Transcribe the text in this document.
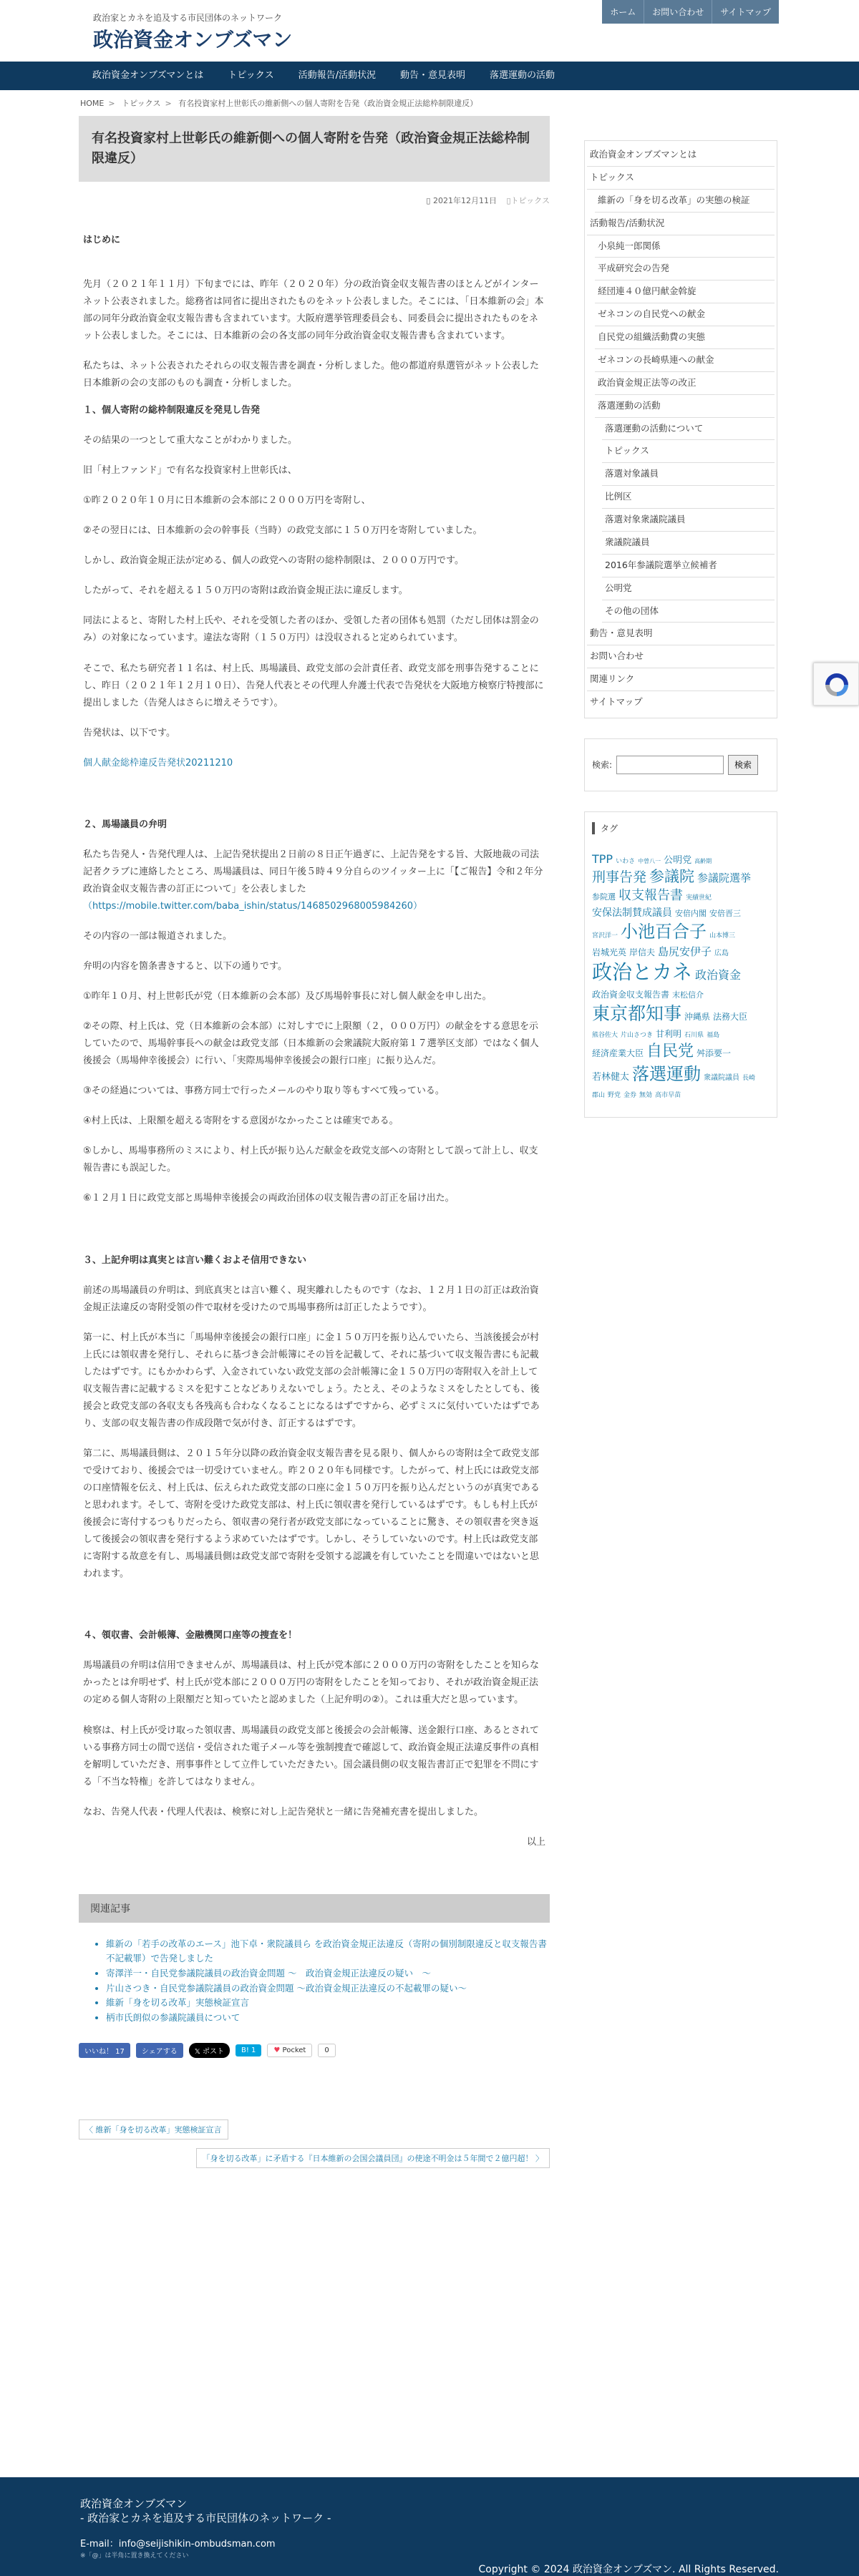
政治家とカネを追及する市民団体のネットワーク
政治資金オンブズマン
ホーム	お問い合わせ	サイトマップ
政治資金オンブズマンとは	トピックス	活動報告/活動状況	動告・意見表明	落選運動の活動
HOME > トピックス > 有名投資家村上世彰氏の維新側への個人寄附を告発（政治資金規正法総枠制限違反）
有名投資家村上世彰氏の維新側への個人寄附を告発（政治資金規正法総枠制限違反）
▯ 2021年12月11日 ▯トピックス
はじめに

先月（２０２１年１１月）下旬までには、昨年（２０２０年）分の政治資金収支報告書のほとんどがインターネット公表されました。総務省は同省に提出されたものをネット公表しました。そこには、「日本維新の会」本部の同年分政治資金収支報告書も含まれています。大阪府選挙管理委員会も、同委員会に提出されたものをネット公表しました。そこには、日本維新の会の各支部の同年分政治資金収支報告書も含まれています。

私たちは、ネット公表されたそれらの収支報告書を調査・分析しました。他の都道府県選管がネット公表した日本維新の会の支部のものも調査・分析しました。

１、個人寄附の総枠制限違反を発見し告発

その結果の一つとして重大なことがわかりました。

旧「村上ファンド」で有名な投資家村上世彰氏は、

①昨２０２０年１０月に日本維新の会本部に２０００万円を寄附し、

②その翌日には、日本維新の会の幹事長（当時）の政党支部に１５０万円を寄附していました。

しかし、政治資金規正法が定める、個人の政党への寄附の総枠制限は、２０００万円です。

したがって、それを超える１５０万円の寄附は政治資金規正法に違反します。

同法によると、寄附した村上氏や、それを受領した者のほか、受領した者の団体も処罰（ただし団体は罰金のみ）の対象になっています。違法な寄附（１５０万円）は没収されると定められています。

そこで、私たち研究者１１名は、村上氏、馬場議員、政党支部の会計責任者、政党支部を刑事告発することにし、昨日（２０２１年１２月１０日）、告発人代表とその代理人弁護士代表で告発状を大阪地方検察庁特捜部に提出しました（告発人はさらに増えそうです）。

告発状は、以下です。

個人献金総枠違反告発状20211210

２、馬場議員の弁明

私たち告発人・告発代理人は、上記告発状提出２日前の８日正午過ぎに、上記告発をする旨、大阪地裁の司法記者クラブに連絡したところ、馬場議員は、同日午後５時４９分自らのツイッター上に「【ご報告】令和２年分政治資金収支報告書の訂正について」を公表しました（https://mobile.twitter.com/baba_ishin/status/1468502968005984260）

その内容の一部は報道されました。

弁明の内容を箇条書きすると、以下の通りです。

①昨年１０月、村上世彰氏が党（日本維新の会本部）及び馬場幹事長に対し個人献金を申し出た。

②その際、村上氏は、党（日本維新の会本部）に対しすでに上限額（２，０００万円）の献金をする意思を示していたので、馬場幹事長への献金は政党支部（日本維新の会衆議院大阪府第１７選挙区支部）ではなく個人後援会（馬場伸幸後援会）に行い、「実際馬場伸幸後援会の銀行口座」に振り込んだ。

③その経過については、事務方同士で行ったメールのやり取り等もすべて残っている。

④村上氏は、上限額を超える寄附をする意図がなかったことは確実である。

⑤しかし、馬場事務所のミスにより、村上氏が振り込んだ献金を政党支部への寄附として誤って計上し、収支報告書にも誤記した。

⑥１２月１日に政党支部と馬場伸幸後援会の両政治団体の収支報告書の訂正を届け出た。

３、上記弁明は真実とは言い難くおよそ信用できない

前述の馬場議員の弁明は、到底真実とは言い難く、現実離れしたものです（なお、１２月１日の訂正は政治資金規正法違反の寄附受領の件で取材を受けたので馬場事務所は訂正したようです）。

第一に、村上氏が本当に「馬場伸幸後援会の銀行口座」に金１５０万円を振り込んでいたら、当該後援会が村上氏には領収書を発行し、それらに基づき会計帳簿にその旨を記載して、それに基づいて収支報告書にも記載したはずです。にもかかわらず、入金されていない政党支部の会計帳簿に金１５０万円の寄附収入を計上して収支報告書に記載するミスを犯すことなどありえないでしょう。たとえ、そのようなミスをしたとしても、後援会と政党支部の各収支も各残高も合わなくなることになるはずですから、必ずミスに気付いていたはずであり、支部の収支報告書の作成段階で気が付き、訂正するはずです。

第二に、馬場議員側は、２０１５年分以降の政治資金収支報告書を見る限り、個人からの寄附は全て政党支部で受けており、後援会では一切受けていません。昨２０２０年も同様です。したがって、村上氏には政党支部の口座情報を伝え、村上氏は、伝えられた政党支部の口座に金１５０万円を振り込んだというのが真実であると思われます。そして、寄附を受けた政党支部は、村上氏に領収書を発行しているはずです。もしも村上氏が後援会に寄付するつもりだったら、領収書の発行者が政党支部になっていることに驚き、その領収書を突き返して後援会の領収書を発行するよう求めていたはずです。しかし、そうしていないのです。村上氏は政党支部に寄附する故意を有し、馬場議員側は政党支部で寄附を受領する認識を有していたことを間違いではないと思われます。

４、領収書、会計帳簿、金融機関口座等の捜査を！

馬場議員の弁明は信用できませんが、馬場議員は、村上氏が党本部に２０００万円の寄附をしたことを知らなかったとは弁明せず、村上氏が党本部に２０００万円の寄附をしたことを知っており、それが政治資金規正法の定める個人寄附の上限額だと知っていたと認めました（上記弁明の②）。これは重大だと思っています。

検察は、村上氏が受け取った領収書、馬場議員の政党支部と後援会の会計帳簿、送金銀行口座、あるとされている事務方同士の間で送信・受信された電子メール等を強制捜査で確認して、政治資金規正法違反事件の真相を解明していただき、刑事事件として立件していただきたい。国会議員側の収支報告書訂正で犯罪を不問にする「不当な特権」を許してはなりません。

なお、告発人代表・代理人代表は、検察に対し上記告発状と一緒に告発補充書を提出しました。

以上

関連記事
• 維新の「若手の改革のエース」池下卓・衆院議員ら を政治資金規正法違反（寄附の個別制限違反と収支報告書不記載罪）で告発しました
• 寄澤洋一・自民党参議院議員の政治資金問題 〜　政治資金規正法違反の疑い　〜
• 片山さつき・自民党参議院議員の政治資金問題 〜政治資金規正法違反の不起載罪の疑い〜
• 維新「身を切る改革」実態検証宣言
• 柄市氏朗似の参議院議員について
いいね！ 17	シェアする	𝕏 ポスト	B! 1	♥ Pocket	0
〈 維新「身を切る改革」実態検証宣言
「身を切る改革」に矛盾する『日本維新の会国会議員団』の使途不明金は５年間で２億円超！ 〉
政治資金オンブズマンとは
トピックス
維新の「身を切る改革」の実態の検証
活動報告/活動状況
小泉純一郎関係
平成研究会の告発
経団連４０億円献金斡旋
ゼネコンの自民党への献金
自民党の組織活動費の実態
ゼネコンの長崎県連への献金
政治資金規正法等の改正
落選運動の活動
落選運動の活動について
トピックス
落選対象議員
比例区
落選対象衆議院議員
衆議院議員
2016年参議院選挙立候補者
公明党
その他の団体
動告・意見表明
お問い合わせ
関連リンク
サイトマップ
検索:	検索
タグ
TPP いわさ 中曽八一 公明党 高齢期刑事告発 参議院 参議院選挙参院選 収支報告書 実績世紀安保法制賛成議員 安倍内閣 安倍晋三宮沢洋一 小池百合子 山本博三岩城光英 岸信夫 島尻安伊子 広島政治とカネ 政治資金政治資金収支報告書 末松信介東京都知事 沖縄県 法務大臣熊谷佐大 片山さつき 甘利明 石川県 福島経済産業大臣 自民党 舛添要一若林健太 落選運動 衆議院議員 長崎郡山 野党 金券 無効 高市早苗
政治資金オンブズマン
- 政治家とカネを追及する市民団体のネットワーク -
E-mail：info@seijishikin-ombudsman.com
※「@」は半角に置き換えてください
Copyright © 2024 政治資金オンブズマン. All Rights Reserved.
